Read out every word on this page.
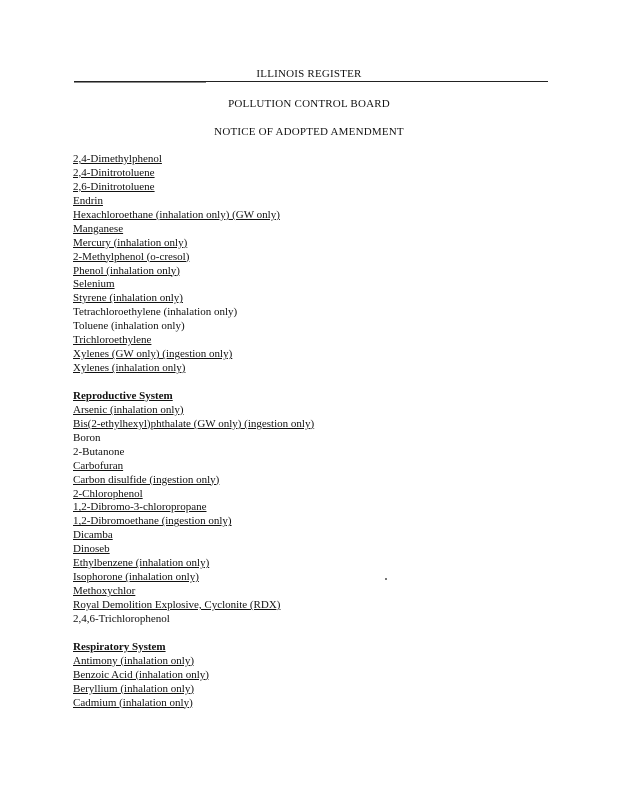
ILLINOIS REGISTER
POLLUTION CONTROL BOARD
NOTICE OF ADOPTED AMENDMENT
2,4-Dimethylphenol
2,4-Dinitrotoluene
2,6-Dinitrotoluene
Endrin
Hexachloroethane (inhalation only) (GW only)
Manganese
Mercury (inhalation only)
2-Methylphenol (o-cresol)
Phenol (inhalation only)
Selenium
Styrene (inhalation only)
Tetrachloroethylene (inhalation only)
Toluene (inhalation only)
Trichloroethylene
Xylenes (GW only) (ingestion only)
Xylenes (inhalation only)
Reproductive System
Arsenic (inhalation only)
Bis(2-ethylhexyl)phthalate (GW only) (ingestion only)
Boron
2-Butanone
Carbofuran
Carbon disulfide (ingestion only)
2-Chlorophenol
1,2-Dibromo-3-chloropropane
1,2-Dibromoethane (ingestion only)
Dicamba
Dinoseb
Ethylbenzene (inhalation only)
Isophorone (inhalation only)
Methoxychlor
Royal Demolition Explosive, Cyclonite (RDX)
2,4,6-Trichlorophenol
Respiratory System
Antimony (inhalation only)
Benzoic Acid (inhalation only)
Beryllium (inhalation only)
Cadmium (inhalation only)
